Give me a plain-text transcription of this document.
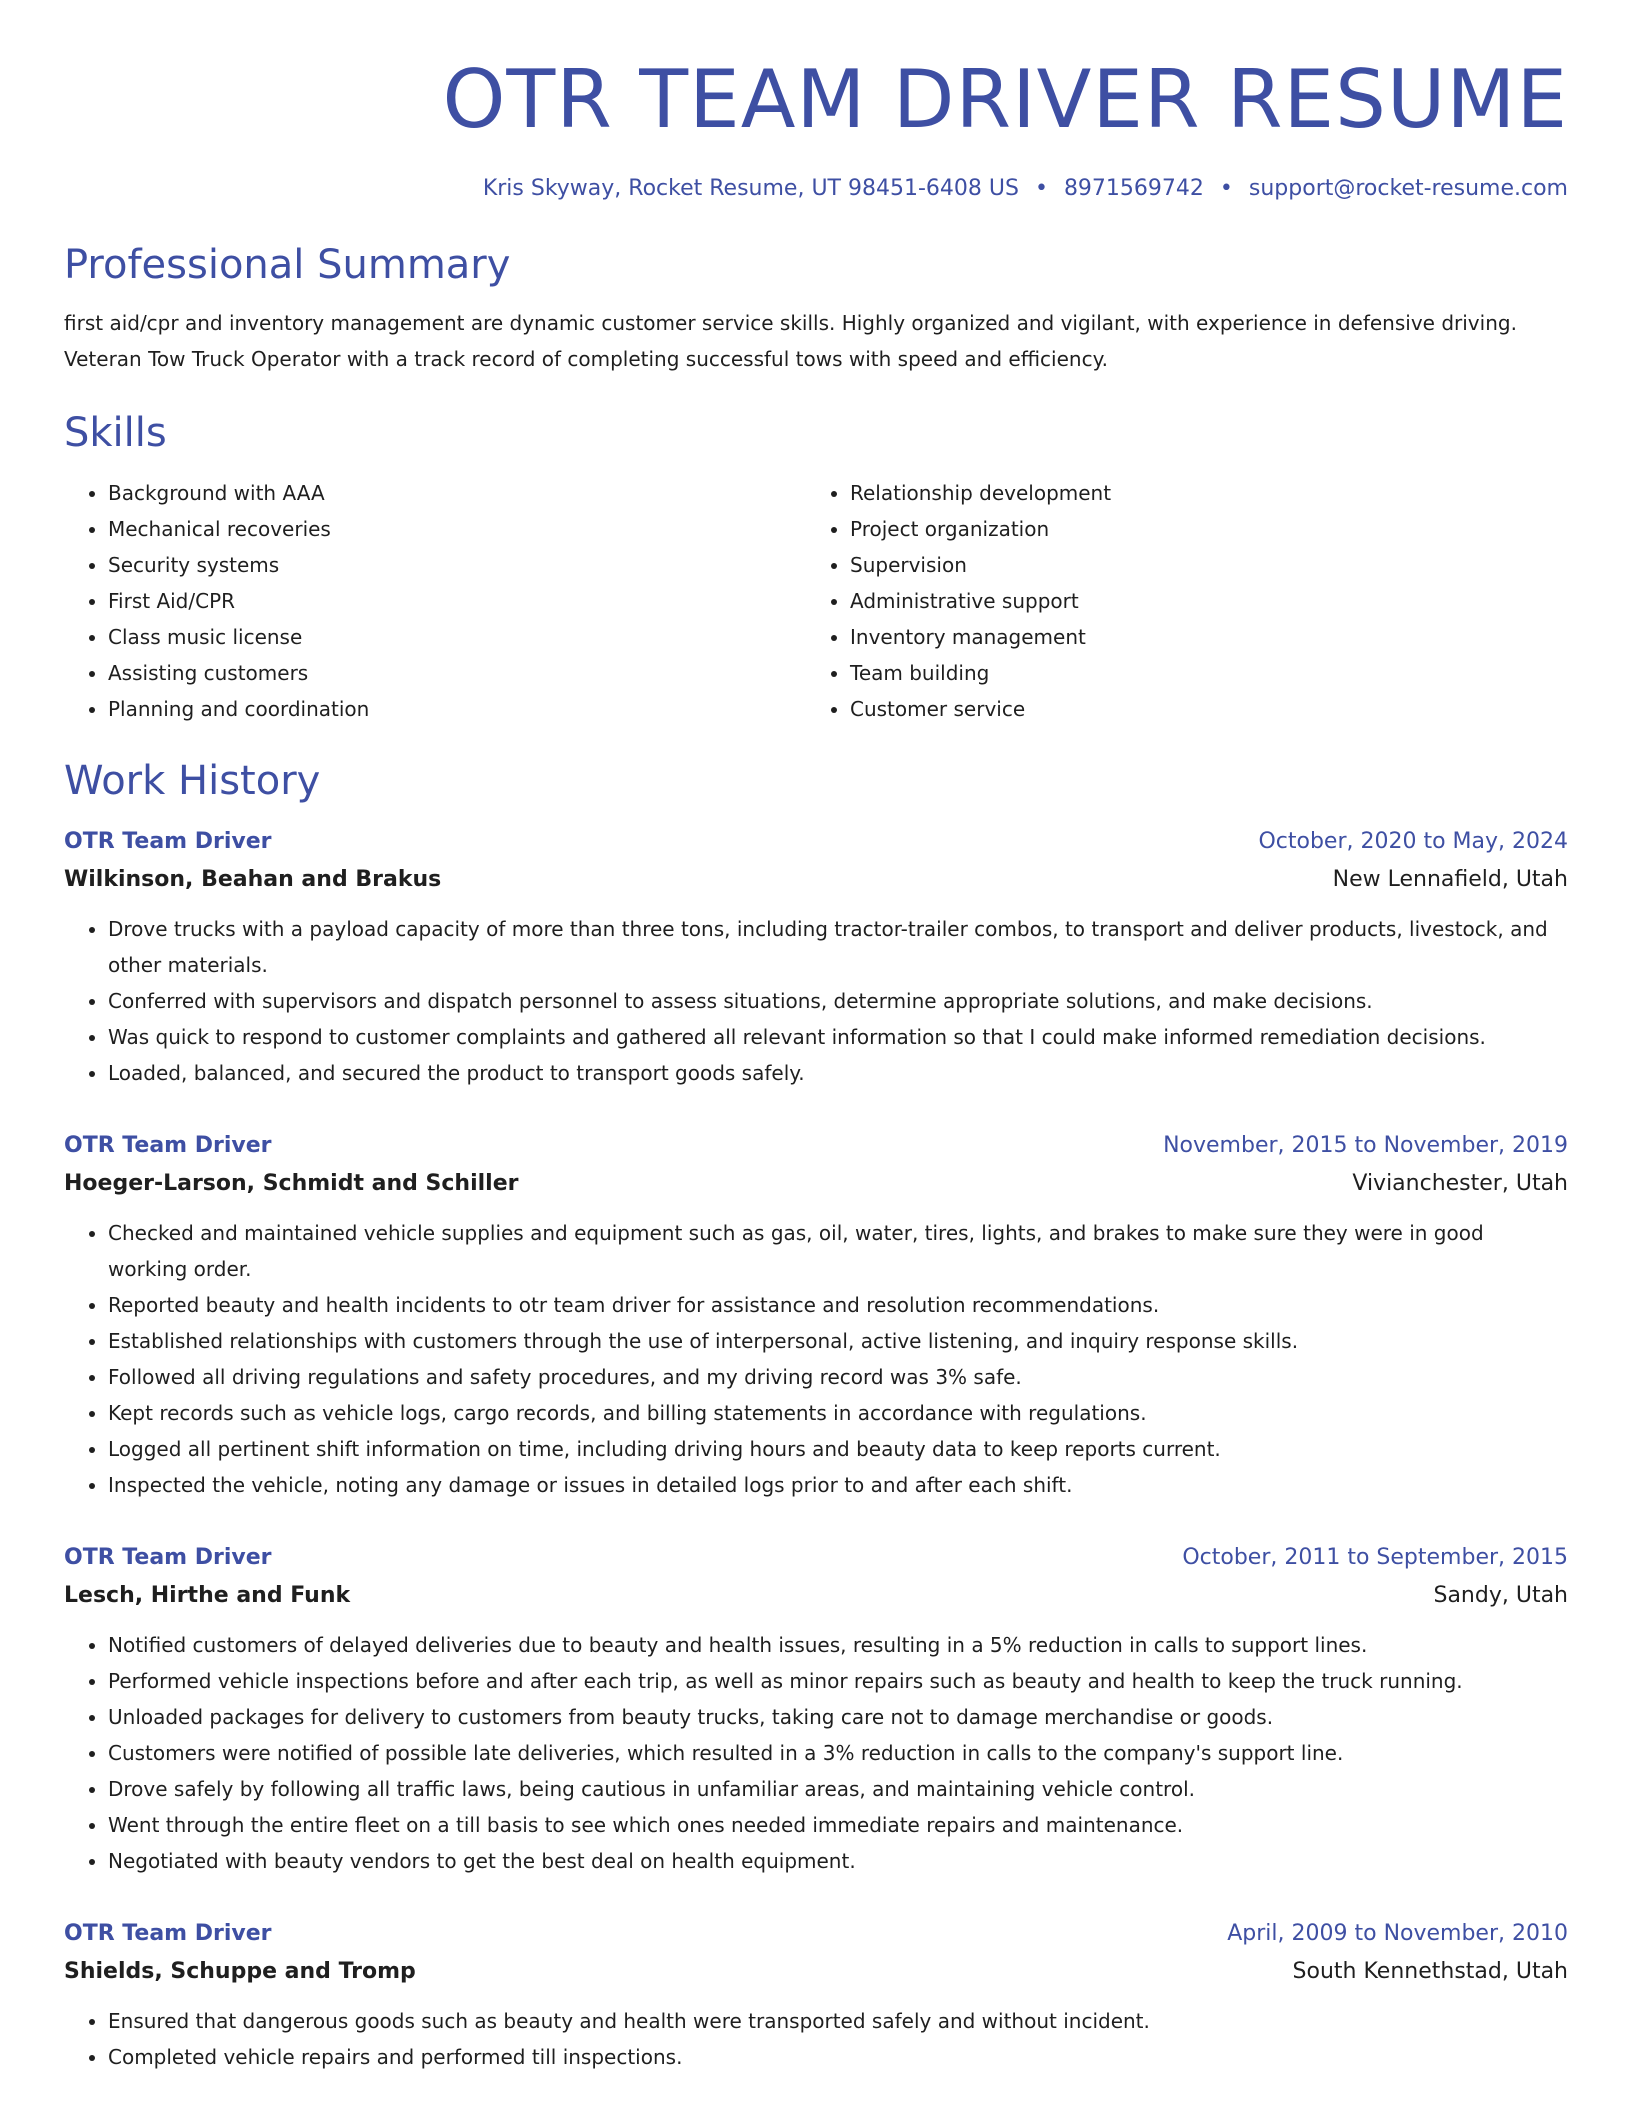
OTR TEAM DRIVER RESUME
Kris Skyway, Rocket Resume, UT 98451-6408 US • 8971569742 • support@rocket-resume.com
Professional Summary
first aid/cpr and inventory management are dynamic customer service skills. Highly organized and vigilant, with experience in defensive driving. Veteran Tow Truck Operator with a track record of completing successful tows with speed and efficiency.
Skills
• Background with AAA
• Mechanical recoveries
• Security systems
• First Aid/CPR
• Class music license
• Assisting customers
• Planning and coordination
• Relationship development
• Project organization
• Supervision
• Administrative support
• Inventory management
• Team building
• Customer service
Work History
OTR Team Driver	October, 2020 to May, 2024
Wilkinson, Beahan and Brakus	New Lennafield, Utah
• Drove trucks with a payload capacity of more than three tons, including tractor-trailer combos, to transport and deliver products, livestock, and other materials.
• Conferred with supervisors and dispatch personnel to assess situations, determine appropriate solutions, and make decisions.
• Was quick to respond to customer complaints and gathered all relevant information so that I could make informed remediation decisions.
• Loaded, balanced, and secured the product to transport goods safely.
OTR Team Driver	November, 2015 to November, 2019
Hoeger-Larson, Schmidt and Schiller	Vivianchester, Utah
• Checked and maintained vehicle supplies and equipment such as gas, oil, water, tires, lights, and brakes to make sure they were in good working order.
• Reported beauty and health incidents to otr team driver for assistance and resolution recommendations.
• Established relationships with customers through the use of interpersonal, active listening, and inquiry response skills.
• Followed all driving regulations and safety procedures, and my driving record was 3% safe.
• Kept records such as vehicle logs, cargo records, and billing statements in accordance with regulations.
• Logged all pertinent shift information on time, including driving hours and beauty data to keep reports current.
• Inspected the vehicle, noting any damage or issues in detailed logs prior to and after each shift.
OTR Team Driver	October, 2011 to September, 2015
Lesch, Hirthe and Funk	Sandy, Utah
• Notified customers of delayed deliveries due to beauty and health issues, resulting in a 5% reduction in calls to support lines.
• Performed vehicle inspections before and after each trip, as well as minor repairs such as beauty and health to keep the truck running.
• Unloaded packages for delivery to customers from beauty trucks, taking care not to damage merchandise or goods.
• Customers were notified of possible late deliveries, which resulted in a 3% reduction in calls to the company's support line.
• Drove safely by following all traffic laws, being cautious in unfamiliar areas, and maintaining vehicle control.
• Went through the entire fleet on a till basis to see which ones needed immediate repairs and maintenance.
• Negotiated with beauty vendors to get the best deal on health equipment.
OTR Team Driver	April, 2009 to November, 2010
Shields, Schuppe and Tromp	South Kennethstad, Utah
• Ensured that dangerous goods such as beauty and health were transported safely and without incident.
• Completed vehicle repairs and performed till inspections.
